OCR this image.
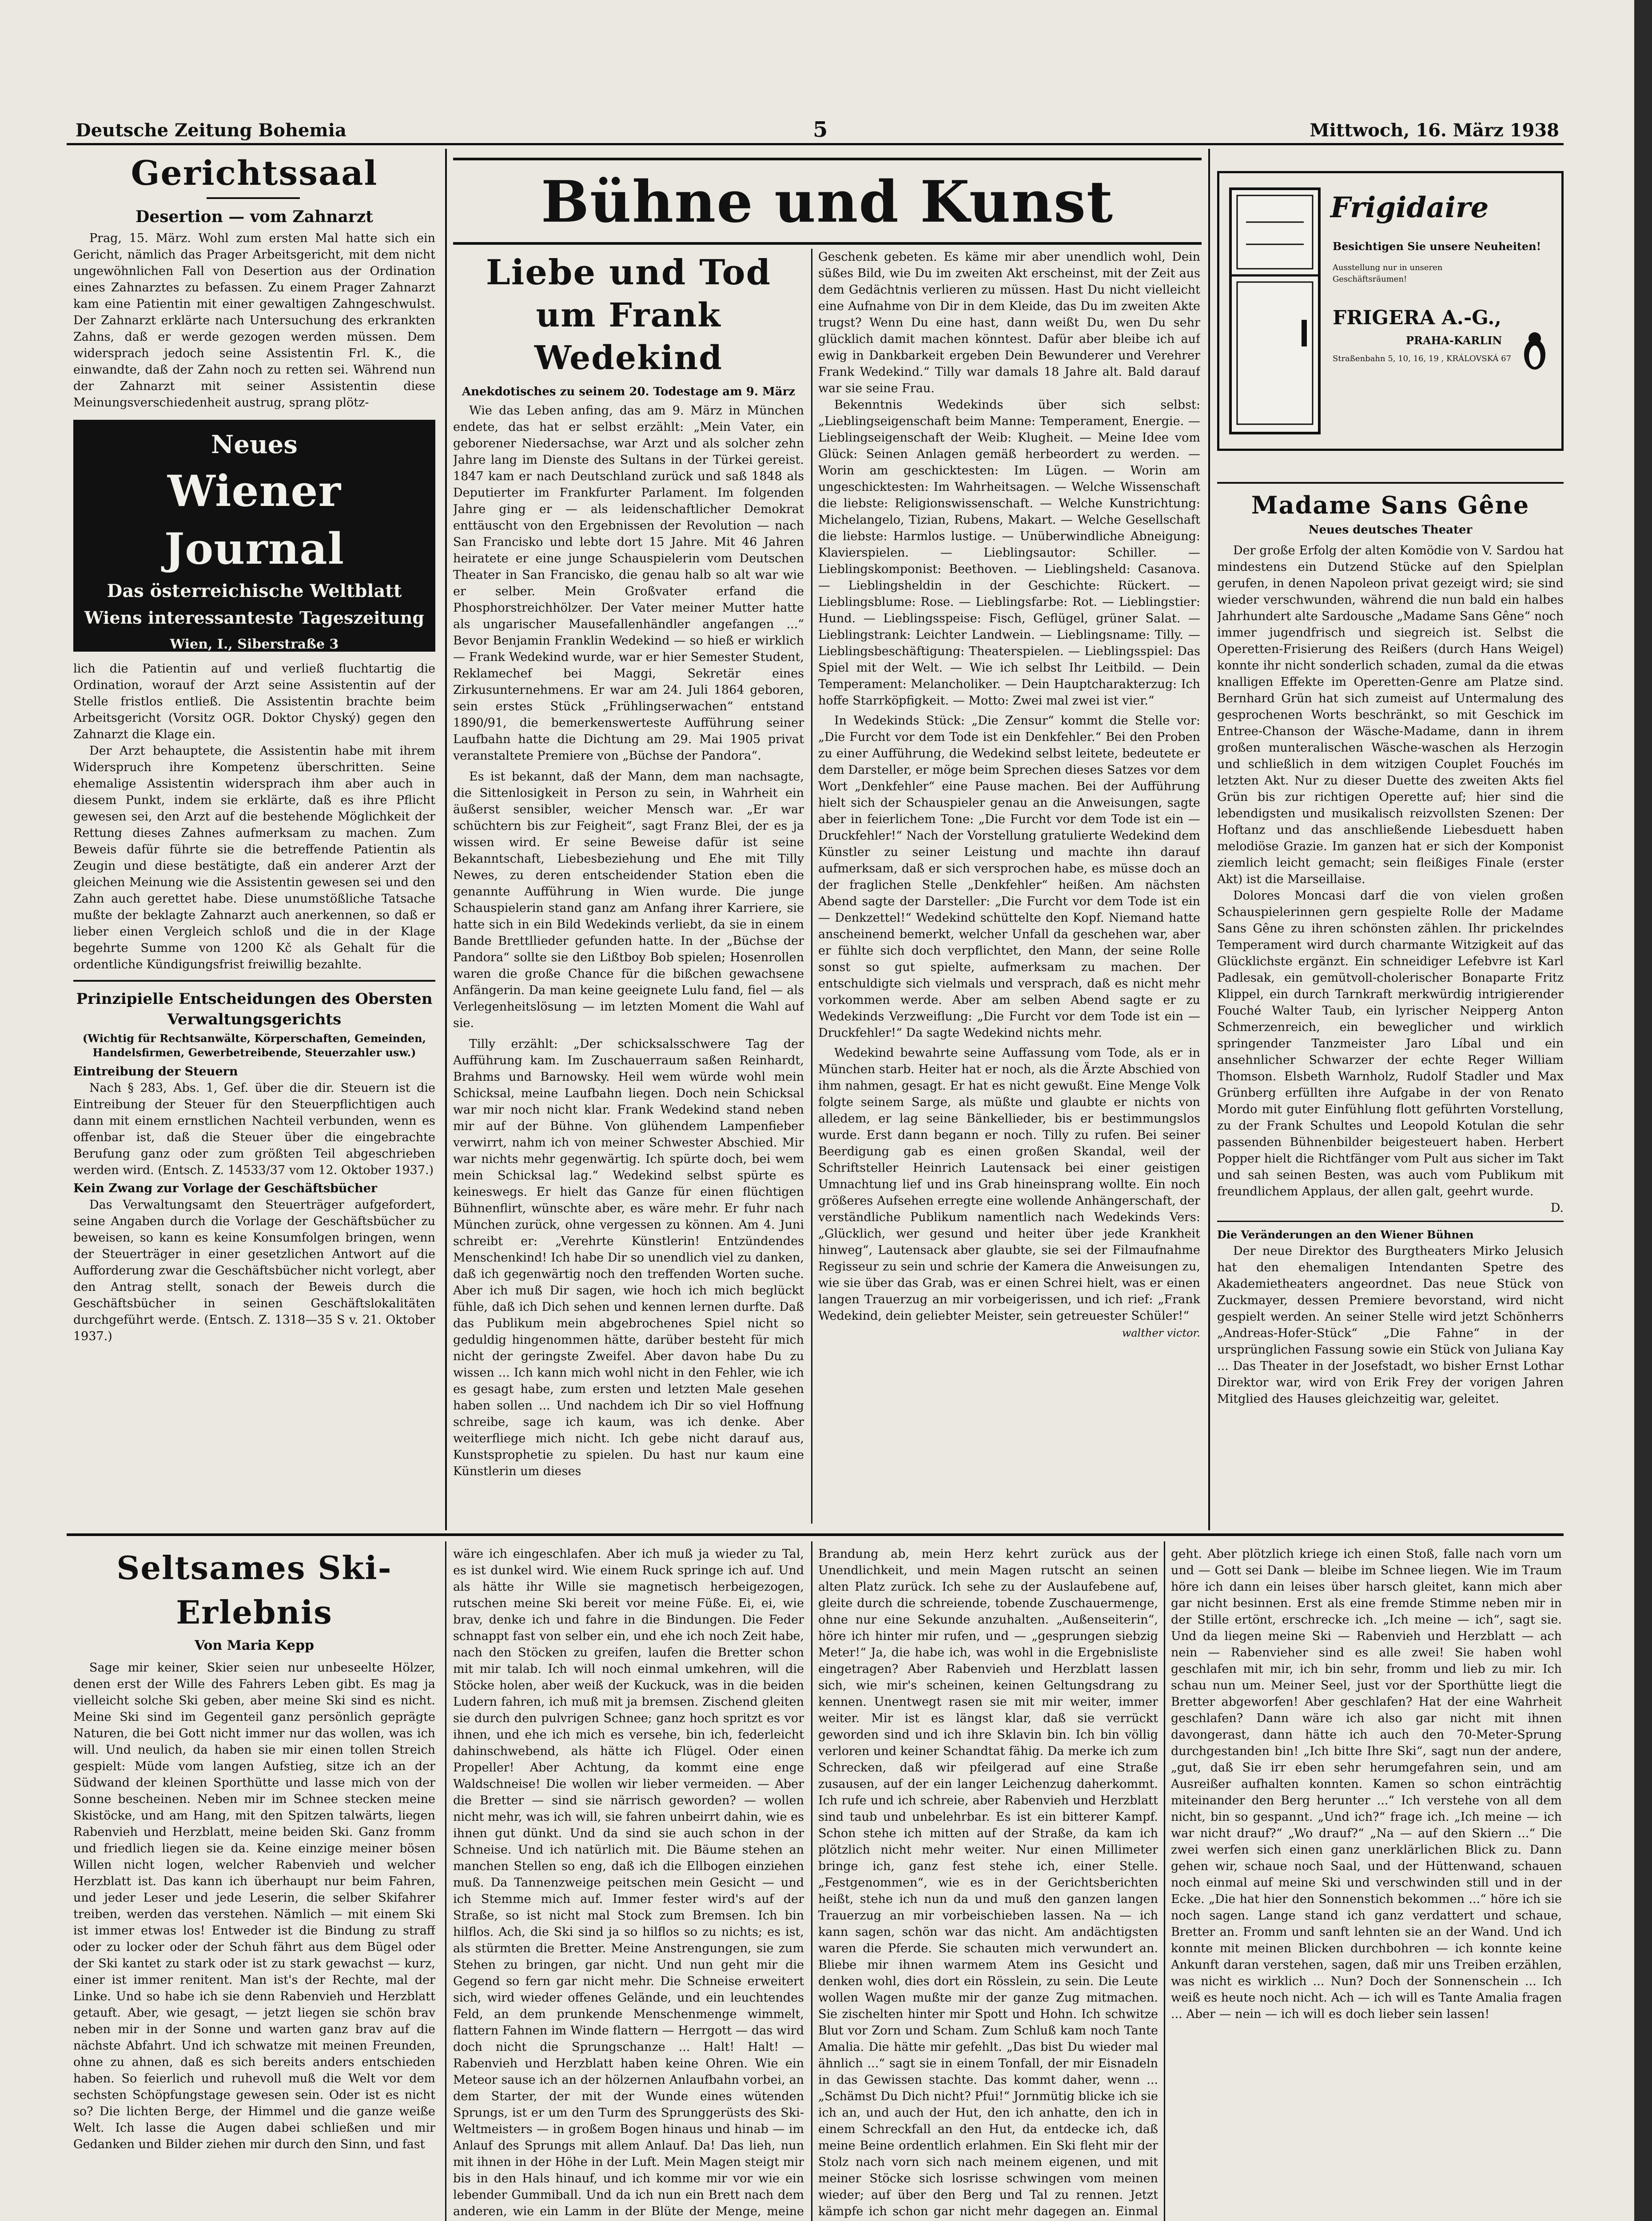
Deutsche Zeitung Bohemia	5	Mittwoch, 16. März 1938
Gerichtssaal
Desertion — vom Zahnarzt

Prag, 15. März. Wohl zum ersten Mal hatte sich ein Gericht, nämlich das Prager Arbeitsgericht, mit dem nicht ungewöhnlichen Fall von Desertion aus der Ordination eines Zahnarztes zu befassen. Zu einem Prager Zahnarzt kam eine Patientin mit einer gewaltigen Zahngeschwulst. Der Zahnarzt erklärte nach Untersuchung des erkrankten Zahns, daß er werde gezogen werden müssen. Dem widersprach jedoch seine Assistentin Frl. K., die einwandte, daß der Zahn noch zu retten sei. Während nun der Zahnarzt mit seiner Assistentin diese Meinungsverschiedenheit austrug, sprang plötz-

Neues
Wiener Journal
Das österreichische Weltblatt
Wiens interessanteste Tageszeitung
Wien, I., Siberstraße 3

lich die Patientin auf und verließ fluchtartig die Ordination, worauf der Arzt seine Assistentin auf der Stelle fristlos entließ. Die Assistentin brachte beim Arbeitsgericht (Vorsitz OGR. Doktor Chyský) gegen den Zahnarzt die Klage ein.

Der Arzt behauptete, die Assistentin habe mit ihrem Widerspruch ihre Kompetenz überschritten. Seine ehemalige Assistentin widersprach ihm aber auch in diesem Punkt, indem sie erklärte, daß es ihre Pflicht gewesen sei, den Arzt auf die bestehende Möglichkeit der Rettung dieses Zahnes aufmerksam zu machen. Zum Beweis dafür führte sie die betreffende Patientin als Zeugin und diese bestätigte, daß ein anderer Arzt der gleichen Meinung wie die Assistentin gewesen sei und den Zahn auch gerettet habe. Diese unumstößliche Tatsache mußte der beklagte Zahnarzt auch anerkennen, so daß er lieber einen Vergleich schloß und die in der Klage begehrte Summe von 1200 Kč als Gehalt für die ordentliche Kündigungsfrist freiwillig bezahlte.

Prinzipielle Entscheidungen des Obersten Verwaltungsgerichts
(Wichtig für Rechtsanwälte, Körperschaften, Gemeinden, Handelsfirmen, Gewerbetreibende, Steuerzahler usw.)
Eintreibung der Steuern

Nach § 283, Abs. 1, Gef. über die dir. Steuern ist die Eintreibung der Steuer für den Steuerpflichtigen auch dann mit einem ernstlichen Nachteil verbunden, wenn es offenbar ist, daß die Steuer über die eingebrachte Berufung ganz oder zum größten Teil abgeschrieben werden wird. (Entsch. Z. 14533/37 vom 12. Oktober 1937.)

Kein Zwang zur Vorlage der Geschäftsbücher

Das Verwaltungsamt den Steuerträger aufgefordert, seine Angaben durch die Vorlage der Geschäftsbücher zu beweisen, so kann es keine Konsumfolgen bringen, wenn der Steuerträger in einer gesetzlichen Antwort auf die Aufforderung zwar die Geschäftsbücher nicht vorlegt, aber den Antrag stellt, sonach der Beweis durch die Geschäftsbücher in seinen Geschäftslokalitäten durchgeführt werde. (Entsch. Z. 1318—35 S v. 21. Oktober 1937.)

Bühne und Kunst
Liebe und Tod
um Frank Wedekind
Anekdotisches zu seinem 20. Todestage am 9. März

Wie das Leben anfing, das am 9. März in München endete, das hat er selbst erzählt: „Mein Vater, ein geborener Niedersachse, war Arzt und als solcher zehn Jahre lang im Dienste des Sultans in der Türkei gereist. 1847 kam er nach Deutschland zurück und saß 1848 als Deputierter im Frankfurter Parlament. Im folgenden Jahre ging er — als leidenschaftlicher Demokrat enttäuscht von den Ergebnissen der Revolution — nach San Francisko und lebte dort 15 Jahre. Mit 46 Jahren heiratete er eine junge Schauspielerin vom Deutschen Theater in San Francisko, die genau halb so alt war wie er selber. Mein Großvater erfand die Phosphorstreichhölzer. Der Vater meiner Mutter hatte als ungarischer Mausefallenhändler angefangen ...“ Bevor Benjamin Franklin Wedekind — so hieß er wirklich — Frank Wedekind wurde, war er hier Semester Student, Reklamechef bei Maggi, Sekretär eines Zirkusunternehmens. Er war am 24. Juli 1864 geboren, sein erstes Stück „Frühlingserwachen“ entstand 1890/91, die bemerkenswerteste Aufführung seiner Laufbahn hatte die Dichtung am 29. Mai 1905 privat veranstaltete Premiere von „Büchse der Pandora“.

Es ist bekannt, daß der Mann, dem man nachsagte, die Sittenlosigkeit in Person zu sein, in Wahrheit ein äußerst sensibler, weicher Mensch war. „Er war schüchtern bis zur Feigheit“, sagt Franz Blei, der es ja wissen wird. Er seine Beweise dafür ist seine Bekanntschaft, Liebesbeziehung und Ehe mit Tilly Newes, zu deren entscheidender Station eben die genannte Aufführung in Wien wurde. Die junge Schauspielerin stand ganz am Anfang ihrer Karriere, sie hatte sich in ein Bild Wedekinds verliebt, da sie in einem Bande Brettllieder gefunden hatte. In der „Büchse der Pandora“ sollte sie den Lißtboy Bob spielen; Hosenrollen waren die große Chance für die bißchen gewachsene Anfängerin. Da man keine geeignete Lulu fand, fiel — als Verlegenheitslösung — im letzten Moment die Wahl auf sie.

Tilly erzählt: „Der schicksalsschwere Tag der Aufführung kam. Im Zuschauerraum saßen Reinhardt, Brahms und Barnowsky. Heil wem würde wohl mein Schicksal, meine Laufbahn liegen. Doch nein Schicksal war mir noch nicht klar. Frank Wedekind stand neben mir auf der Bühne. Von glühendem Lampenfieber verwirrt, nahm ich von meiner Schwester Abschied. Mir war nichts mehr gegenwärtig. Ich spürte doch, bei wem mein Schicksal lag.“ Wedekind selbst spürte es keineswegs. Er hielt das Ganze für einen flüchtigen Bühnenflirt, wünschte aber, es wäre mehr. Er fuhr nach München zurück, ohne vergessen zu können. Am 4. Juni schreibt er: „Verehrte Künstlerin! Entzündendes Menschenkind! Ich habe Dir so unendlich viel zu danken, daß ich gegenwärtig noch den treffenden Worten suche. Aber ich muß Dir sagen, wie hoch ich mich beglückt fühle, daß ich Dich sehen und kennen lernen durfte. Daß das Publikum mein abgebrochenes Spiel nicht so geduldig hingenommen hätte, darüber besteht für mich nicht der geringste Zweifel. Aber davon habe Du zu wissen ... Ich kann mich wohl nicht in den Fehler, wie ich es gesagt habe, zum ersten und letzten Male gesehen haben sollen ... Und nachdem ich Dir so viel Hoffnung schreibe, sage ich kaum, was ich denke. Aber weiterfliege mich nicht. Ich gebe nicht darauf aus, Kunstsprophetie zu spielen. Du hast nur kaum eine Künstlerin um dieses

Geschenk gebeten. Es käme mir aber unendlich wohl, Dein süßes Bild, wie Du im zweiten Akt erscheinst, mit der Zeit aus dem Gedächtnis verlieren zu müssen. Hast Du nicht vielleicht eine Aufnahme von Dir in dem Kleide, das Du im zweiten Akte trugst? Wenn Du eine hast, dann weißt Du, wen Du sehr glücklich damit machen könntest. Dafür aber bleibe ich auf ewig in Dankbarkeit ergeben Dein Bewunderer und Verehrer Frank Wedekind.“ Tilly war damals 18 Jahre alt. Bald darauf war sie seine Frau.

Bekenntnis Wedekinds über sich selbst: „Lieblingseigenschaft beim Manne: Temperament, Energie. — Lieblingseigenschaft der Weib: Klugheit. — Meine Idee vom Glück: Seinen Anlagen gemäß herbeordert zu werden. — Worin am geschicktesten: Im Lügen. — Worin am ungeschicktesten: Im Wahrheitsagen. — Welche Wissenschaft die liebste: Religionswissenschaft. — Welche Kunstrichtung: Michelangelo, Tizian, Rubens, Makart. — Welche Gesellschaft die liebste: Harmlos lustige. — Unüberwindliche Abneigung: Klavierspielen. — Lieblingsautor: Schiller. — Lieblingskomponist: Beethoven. — Lieblingsheld: Casanova. — Lieblingsheldin in der Geschichte: Rückert. — Lieblingsblume: Rose. — Lieblingsfarbe: Rot. — Lieblingstier: Hund. — Lieblingsspeise: Fisch, Geflügel, grüner Salat. — Lieblingstrank: Leichter Landwein. — Lieblingsname: Tilly. — Lieblingsbeschäftigung: Theaterspielen. — Lieblingsspiel: Das Spiel mit der Welt. — Wie ich selbst Ihr Leitbild. — Dein Temperament: Melancholiker. — Dein Hauptcharakterzug: Ich hoffe Starrköpfigkeit. — Motto: Zwei mal zwei ist vier.“

In Wedekinds Stück: „Die Zensur“ kommt die Stelle vor: „Die Furcht vor dem Tode ist ein Denkfehler.“ Bei den Proben zu einer Aufführung, die Wedekind selbst leitete, bedeutete er dem Darsteller, er möge beim Sprechen dieses Satzes vor dem Wort „Denkfehler“ eine Pause machen. Bei der Aufführung hielt sich der Schauspieler genau an die Anweisungen, sagte aber in feierlichem Tone: „Die Furcht vor dem Tode ist ein — Druckfehler!“ Nach der Vorstellung gratulierte Wedekind dem Künstler zu seiner Leistung und machte ihn darauf aufmerksam, daß er sich versprochen habe, es müsse doch an der fraglichen Stelle „Denkfehler“ heißen. Am nächsten Abend sagte der Darsteller: „Die Furcht vor dem Tode ist ein — Denkzettel!“ Wedekind schüttelte den Kopf. Niemand hatte anscheinend bemerkt, welcher Unfall da geschehen war, aber er fühlte sich doch verpflichtet, den Mann, der seine Rolle sonst so gut spielte, aufmerksam zu machen. Der entschuldigte sich vielmals und versprach, daß es nicht mehr vorkommen werde. Aber am selben Abend sagte er zu Wedekinds Verzweiflung: „Die Furcht vor dem Tode ist ein — Druckfehler!“ Da sagte Wedekind nichts mehr.

Wedekind bewahrte seine Auffassung vom Tode, als er in München starb. Heiter hat er noch, als die Ärzte Abschied von ihm nahmen, gesagt. Er hat es nicht gewußt. Eine Menge Volk folgte seinem Sarge, als müßte und glaubte er nichts von alledem, er lag seine Bänkellieder, bis er bestimmungslos wurde. Erst dann begann er noch. Tilly zu rufen. Bei seiner Beerdigung gab es einen großen Skandal, weil der Schriftsteller Heinrich Lautensack bei einer geistigen Umnachtung lief und ins Grab hineinsprang wollte. Ein noch größeres Aufsehen erregte eine wollende Anhängerschaft, der verständliche Publikum namentlich nach Wedekinds Vers: „Glücklich, wer gesund und heiter über jede Krankheit hinweg“, Lautensack aber glaubte, sie sei der Filmaufnahme Regisseur zu sein und schrie der Kamera die Anweisungen zu, wie sie über das Grab, was er einen Schrei hielt, was er einen langen Trauerzug an mir vorbeigerissen, und ich rief: „Frank Wedekind, dein geliebter Meister, sein getreuester Schüler!“

walther victor.
Frigidaire
Besichtigen Sie unsere Neuheiten!
Ausstellung nur in unseren Geschäftsräumen!
FRIGERA A.-G.,
PRAHA-KARLIN
Straßenbahn 5, 10, 16, 19 , KRÁLOVSKÁ 67
Madame Sans Gêne
Neues deutsches Theater

Der große Erfolg der alten Komödie von V. Sardou hat mindestens ein Dutzend Stücke auf den Spielplan gerufen, in denen Napoleon privat gezeigt wird; sie sind wieder verschwunden, während die nun bald ein halbes Jahrhundert alte Sardousche „Madame Sans Gêne“ noch immer jugendfrisch und siegreich ist. Selbst die Operetten-Frisierung des Reißers (durch Hans Weigel) konnte ihr nicht sonderlich schaden, zumal da die etwas knalligen Effekte im Operetten-Genre am Platze sind. Bernhard Grün hat sich zumeist auf Untermalung des gesprochenen Worts beschränkt, so mit Geschick im Entree-Chanson der Wäsche-Madame, dann in ihrem großen munteralischen Wäsche-waschen als Herzogin und schließlich in dem witzigen Couplet Fouchés im letzten Akt. Nur zu dieser Duette des zweiten Akts fiel Grün bis zur richtigen Operette auf; hier sind die lebendigsten und musikalisch reizvollsten Szenen: Der Hoftanz und das anschließende Liebesduett haben melodiöse Grazie. Im ganzen hat er sich der Komponist ziemlich leicht gemacht; sein fleißiges Finale (erster Akt) ist die Marseillaise.

Dolores Moncasi darf die von vielen großen Schauspielerinnen gern gespielte Rolle der Madame Sans Gêne zu ihren schönsten zählen. Ihr prickelndes Temperament wird durch charmante Witzigkeit auf das Glücklichste ergänzt. Ein schneidiger Lefebvre ist Karl Padlesak, ein gemütvoll-cholerischer Bonaparte Fritz Klippel, ein durch Tarnkraft merkwürdig intrigierender Fouché Walter Taub, ein lyrischer Neipperg Anton Schmerzenreich, ein beweglicher und wirklich springender Tanzmeister Jaro Líbal und ein ansehnlicher Schwarzer der echte Reger William Thomson. Elsbeth Warnholz, Rudolf Stadler und Max Grünberg erfüllten ihre Aufgabe in der von Renato Mordo mit guter Einfühlung flott geführten Vorstellung, zu der Frank Schultes und Leopold Kotulan die sehr passenden Bühnenbilder beigesteuert haben. Herbert Popper hielt die Richtfänger vom Pult aus sicher im Takt und sah seinen Besten, was auch vom Publikum mit freundlichem Applaus, der allen galt, geehrt wurde.

D.
Die Veränderungen an den Wiener Bühnen

Der neue Direktor des Burgtheaters Mirko Jelusich hat den ehemaligen Intendanten Spetre des Akademietheaters angeordnet. Das neue Stück von Zuckmayer, dessen Premiere bevorstand, wird nicht gespielt werden. An seiner Stelle wird jetzt Schönherrs „Andreas-Hofer-Stück“ „Die Fahne“ in der ursprünglichen Fassung sowie ein Stück von Juliana Kay ... Das Theater in der Josefstadt, wo bisher Ernst Lothar Direktor war, wird von Erik Frey der vorigen Jahren Mitglied des Hauses gleichzeitig war, geleitet.

Seltsames Ski-Erlebnis
Von Maria Kepp

Sage mir keiner, Skier seien nur unbeseelte Hölzer, denen erst der Wille des Fahrers Leben gibt. Es mag ja vielleicht solche Ski geben, aber meine Ski sind es nicht. Meine Ski sind im Gegenteil ganz persönlich geprägte Naturen, die bei Gott nicht immer nur das wollen, was ich will. Und neulich, da haben sie mir einen tollen Streich gespielt: Müde vom langen Aufstieg, sitze ich an der Südwand der kleinen Sporthütte und lasse mich von der Sonne bescheinen. Neben mir im Schnee stecken meine Skistöcke, und am Hang, mit den Spitzen talwärts, liegen Rabenvieh und Herzblatt, meine beiden Ski. Ganz fromm und friedlich liegen sie da. Keine einzige meiner bösen Willen nicht logen, welcher Rabenvieh und welcher Herzblatt ist. Das kann ich überhaupt nur beim Fahren, und jeder Leser und jede Leserin, die selber Skifahrer treiben, werden das verstehen. Nämlich — mit einem Ski ist immer etwas los! Entweder ist die Bindung zu straff oder zu locker oder der Schuh fährt aus dem Bügel oder der Ski kantet zu stark oder ist zu stark gewachst — kurz, einer ist immer renitent. Man ist's der Rechte, mal der Linke. Und so habe ich sie denn Rabenvieh und Herzblatt getauft. Aber, wie gesagt, — jetzt liegen sie schön brav neben mir in der Sonne und warten ganz brav auf die nächste Abfahrt. Und ich schwatze mit meinen Freunden, ohne zu ahnen, daß es sich bereits anders entschieden haben. So feierlich und ruhevoll muß die Welt vor dem sechsten Schöpfungstage gewesen sein. Oder ist es nicht so? Die lichten Berge, der Himmel und die ganze weiße Welt. Ich lasse die Augen dabei schließen und mir Gedanken und Bilder ziehen mir durch den Sinn, und fast

wäre ich eingeschlafen. Aber ich muß ja wieder zu Tal, es ist dunkel wird. Wie einem Ruck springe ich auf. Und als hätte ihr Wille sie magnetisch herbeigezogen, rutschen meine Ski bereit vor meine Füße. Ei, ei, wie brav, denke ich und fahre in die Bindungen. Die Feder schnappt fast von selber ein, und ehe ich noch Zeit habe, nach den Stöcken zu greifen, laufen die Bretter schon mit mir talab. Ich will noch einmal umkehren, will die Stöcke holen, aber weiß der Kuckuck, was in die beiden Ludern fahren, ich muß mit ja bremsen. Zischend gleiten sie durch den pulvrigen Schnee; ganz hoch spritzt es vor ihnen, und ehe ich mich es versehe, bin ich, federleicht dahinschwebend, als hätte ich Flügel. Oder einen Propeller! Aber Achtung, da kommt eine enge Waldschneise! Die wollen wir lieber vermeiden. — Aber die Bretter — sind sie närrisch geworden? — wollen nicht mehr, was ich will, sie fahren unbeirrt dahin, wie es ihnen gut dünkt. Und da sind sie auch schon in der Schneise. Und ich natürlich mit. Die Bäume stehen an manchen Stellen so eng, daß ich die Ellbogen einziehen muß. Da Tannenzweige peitschen mein Gesicht — und ich Stemme mich auf. Immer fester wird's auf der Straße, so ist nicht mal Stock zum Bremsen. Ich bin hilflos. Ach, die Ski sind ja so hilflos so zu nichts; es ist, als stürmten die Bretter. Meine Anstrengungen, sie zum Stehen zu bringen, gar nicht. Und nun geht mir die Gegend so fern gar nicht mehr. Die Schneise erweitert sich, wird wieder offenes Gelände, und ein leuchtendes Feld, an dem prunkende Menschenmenge wimmelt, flattern Fahnen im Winde flattern — Herrgott — das wird doch nicht die Sprungschanze ... Halt! Halt! — Rabenvieh und Herzblatt haben keine Ohren. Wie ein Meteor sause ich an der hölzernen Anlaufbahn vorbei, an dem Starter, der mit der Wunde eines wütenden Sprungs, ist er um den Turm des Sprunggerüsts des Ski-Weltmeisters — in großem Bogen hinaus und hinab — im Anlauf des Sprungs mit allem Anlauf. Da! Das lieh, nun mit ihnen in der Höhe in der Luft. Mein Magen steigt mir bis in den Hals hinauf, und ich komme mir vor wie ein lebender Gummiball. Und da ich nun ein Brett nach dem anderen, wie ein Lamm in der Blüte der Menge, meine

Brandung ab, mein Herz kehrt zurück aus der Unendlichkeit, und mein Magen rutscht an seinen alten Platz zurück. Ich sehe zu der Auslaufebene auf, gleite durch die schreiende, tobende Zuschauermenge, ohne nur eine Sekunde anzuhalten. „Außenseiterin“, höre ich hinter mir rufen, und — „gesprungen siebzig Meter!“ Ja, die habe ich, was wohl in die Ergebnisliste eingetragen? Aber Rabenvieh und Herzblatt lassen sich, wie mir's scheinen, keinen Geltungsdrang zu kennen. Unentwegt rasen sie mit mir weiter, immer weiter. Mir ist es längst klar, daß sie verrückt geworden sind und ich ihre Sklavin bin. Ich bin völlig verloren und keiner Schandtat fähig. Da merke ich zum Schrecken, daß wir pfeilgerad auf eine Straße zusausen, auf der ein langer Leichenzug daherkommt. Ich rufe und ich schreie, aber Rabenvieh und Herzblatt sind taub und unbelehrbar. Es ist ein bitterer Kampf. Schon stehe ich mitten auf der Straße, da kam ich plötzlich nicht mehr weiter. Nur einen Millimeter bringe ich, ganz fest stehe ich, einer Stelle. „Festgenommen“, wie es in der Gerichtsberichten heißt, stehe ich nun da und muß den ganzen langen Trauerzug an mir vorbeischieben lassen. Na — ich kann sagen, schön war das nicht. Am andächtigsten waren die Pferde. Sie schauten mich verwundert an. Bliebe mir ihnen warmem Atem ins Gesicht und denken wohl, dies dort ein Rösslein, zu sein. Die Leute wollen Wagen mußte mir der ganze Zug mitmachen. Sie zischelten hinter mir Spott und Hohn. Ich schwitze Blut vor Zorn und Scham. Zum Schluß kam noch Tante Amalia. Die hätte mir gefehlt. „Das bist Du wieder mal ähnlich ...“ sagt sie in einem Tonfall, der mir Eisnadeln in das Gewissen stachte. Das kommt daher, wenn ... „Schämst Du Dich nicht? Pfui!“ Jornmütig blicke ich sie ich an, und auch der Hut, den ich anhatte, den ich in einem Schreckfall an den Hut, da entdecke ich, daß meine Beine ordentlich erlahmen. Ein Ski fleht mir der Stolz nach vorn sich nach meinem eigenen, und mit meiner Stöcke sich losrisse schwingen vom meinen wieder; auf über den Berg und Tal zu rennen. Jetzt kämpfe ich schon gar nicht mehr dagegen an. Einmal

geht. Aber plötzlich kriege ich einen Stoß, falle nach vorn um und — Gott sei Dank — bleibe im Schnee liegen. Wie im Traum höre ich dann ein leises über harsch gleitet, kann mich aber gar nicht besinnen. Erst als eine fremde Stimme neben mir in der Stille ertönt, erschrecke ich. „Ich meine — ich“, sagt sie. Und da liegen meine Ski — Rabenvieh und Herzblatt — ach nein — Rabenvieher sind es alle zwei! Sie haben wohl geschlafen mit mir, ich bin sehr, fromm und lieb zu mir. Ich schau nun um. Meiner Seel, just vor der Sporthütte liegt die Bretter abgeworfen! Aber geschlafen? Hat der eine Wahrheit geschlafen? Dann wäre ich also gar nicht mit ihnen davongerast, dann hätte ich auch den 70-Meter-Sprung durchgestanden bin! „Ich bitte Ihre Ski“, sagt nun der andere, „gut, daß Sie irr eben sehr herumgefahren sein, und am Ausreißer aufhalten konnten. Kamen so schon einträchtig miteinander den Berg herunter ...“ Ich verstehe von all dem nicht, bin so gespannt. „Und ich?“ frage ich. „Ich meine — ich war nicht drauf?“ „Wo drauf?“ „Na — auf den Skiern ...“ Die zwei werfen sich einen ganz unerklärlichen Blick zu. Dann gehen wir, schaue noch Saal, und der Hüttenwand, schauen noch einmal auf meine Ski und verschwinden still und in der Ecke. „Die hat hier den Sonnenstich bekommen ...“ höre ich sie noch sagen. Lange stand ich ganz verdattert und schaue, Bretter an. Fromm und sanft lehnten sie an der Wand. Und ich konnte mit meinen Blicken durchbohren — ich konnte keine Ankunft daran verstehen, sagen, daß mir uns Treiben erzählen, was nicht es wirklich ... Nun? Doch der Sonnenschein ... Ich weiß es heute noch nicht. Ach — ich will es Tante Amalia fragen ... Aber — nein — ich will es doch lieber sein lassen!
